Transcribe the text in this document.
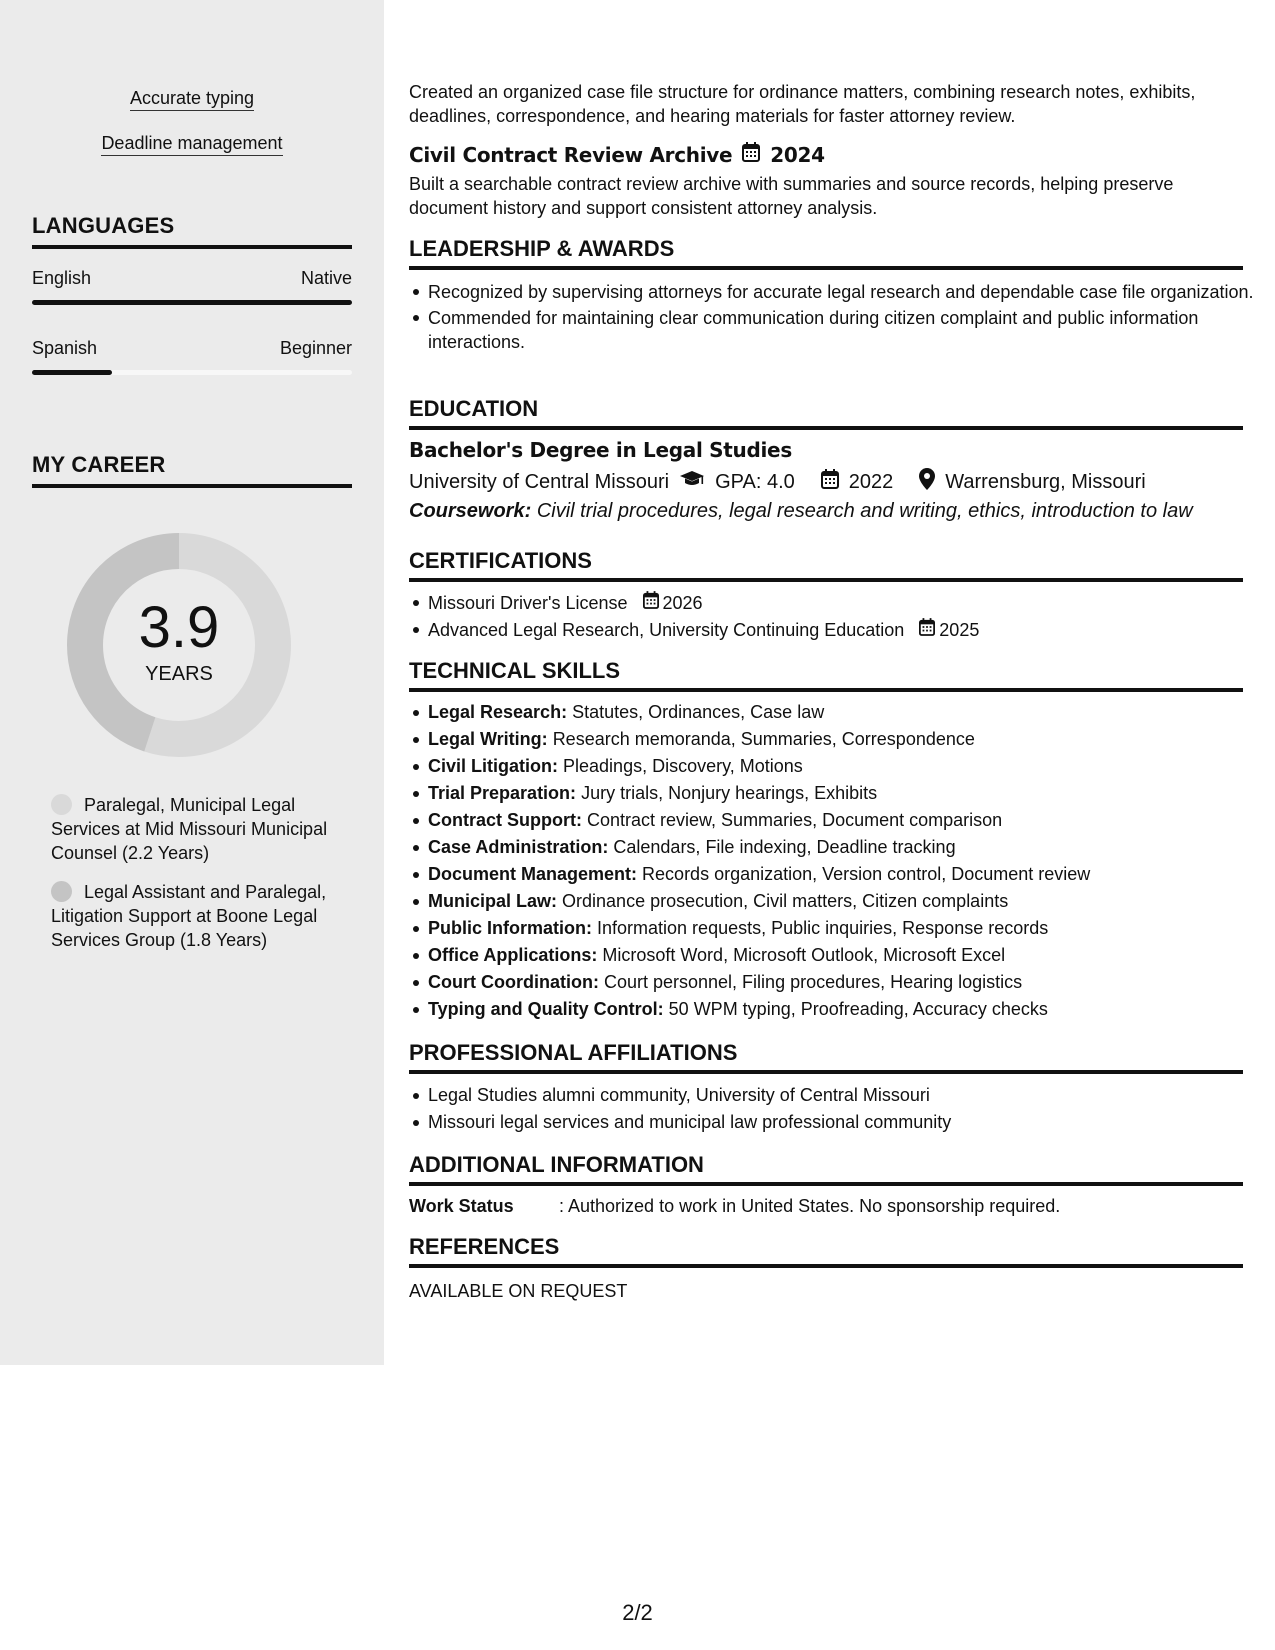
Accurate typing
Deadline management
LANGUAGES
English	Native
Spanish	Beginner
MY CAREER
3.9
YEARS
Paralegal, Municipal Legal Services at Mid Missouri Municipal Counsel (2.2 Years)
Legal Assistant and Paralegal, Litigation Support at Boone Legal Services Group (1.8 Years)
Created an organized case file structure for ordinance matters, combining research notes, exhibits, deadlines, correspondence, and hearing materials for faster attorney review.
Civil Contract Review Archive 2024
Built a searchable contract review archive with summaries and source records, helping preserve document history and support consistent attorney analysis.
LEADERSHIP & AWARDS
Recognized by supervising attorneys for accurate legal research and dependable case file organization.
Commended for maintaining clear communication during citizen complaint and public information interactions.
EDUCATION
Bachelor's Degree in Legal Studies
University of Central Missouri GPA: 4.0	2022	Warrensburg, Missouri
Coursework: Civil trial procedures, legal research and writing, ethics, introduction to law
CERTIFICATIONS
Missouri Driver's License 2026
Advanced Legal Research, University Continuing Education 2025
TECHNICAL SKILLS
Legal Research: Statutes, Ordinances, Case law
Legal Writing: Research memoranda, Summaries, Correspondence
Civil Litigation: Pleadings, Discovery, Motions
Trial Preparation: Jury trials, Nonjury hearings, Exhibits
Contract Support: Contract review, Summaries, Document comparison
Case Administration: Calendars, File indexing, Deadline tracking
Document Management: Records organization, Version control, Document review
Municipal Law: Ordinance prosecution, Civil matters, Citizen complaints
Public Information: Information requests, Public inquiries, Response records
Office Applications: Microsoft Word, Microsoft Outlook, Microsoft Excel
Court Coordination: Court personnel, Filing procedures, Hearing logistics
Typing and Quality Control: 50 WPM typing, Proofreading, Accuracy checks
PROFESSIONAL AFFILIATIONS
Legal Studies alumni community, University of Central Missouri
Missouri legal services and municipal law professional community
ADDITIONAL INFORMATION
Work Status	: Authorized to work in United States. No sponsorship required.
REFERENCES
AVAILABLE ON REQUEST
2/2
